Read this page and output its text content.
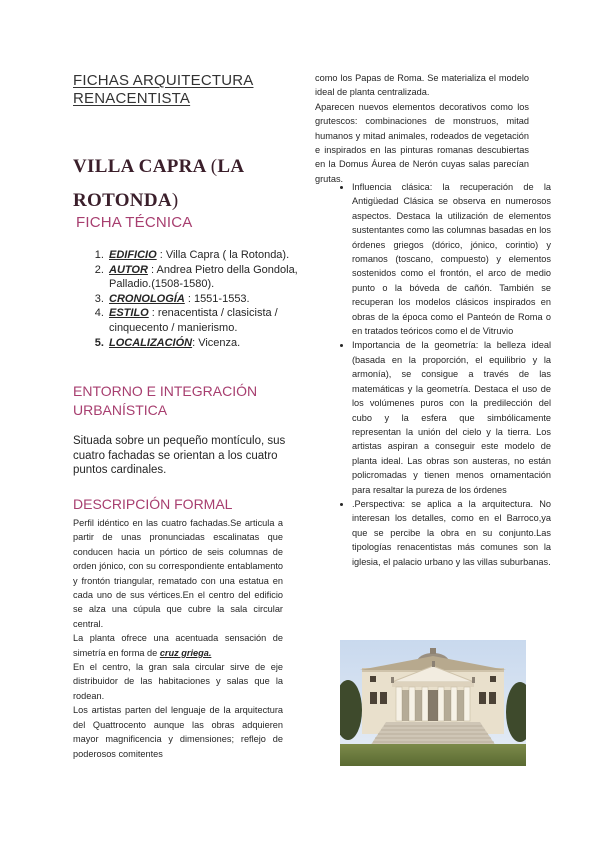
FICHAS ARQUITECTURA
RENACENTISTA
VILLA CAPRA (LA
ROTONDA)
FICHA TÉCNICA
1. EDIFICIO : Villa Capra ( la Rotonda).
2. AUTOR : Andrea Pietro della Gondola, Palladio.(1508-1580).
3. CRONOLOGÍA : 1551-1553.
4. ESTILO : renacentista / clasicista / cinquecento / manierismo.
5. LOCALIZACIÓN: Vicenza.
ENTORNO E INTEGRACIÓN
URBANÍSTICA
Situada sobre un pequeño montículo, sus cuatro fachadas se orientan a los cuatro puntos cardinales.
DESCRIPCIÓN FORMAL

Perfil idéntico en las cuatro fachadas.Se articula a partir de unas pronunciadas escalinatas que conducen hacia un pórtico de seis columnas de orden jónico, con su correspondiente entablamento y frontón triangular, rematado con una estatua en cada uno de sus vértices.En el centro del edificio se alza una cúpula que cubre la sala circular central.

La planta ofrece una acentuada sensación de simetría en forma de cruz griega.

En el centro, la gran sala circular sirve de eje distribuidor de las habitaciones y salas que la rodean.

Los artistas parten del lenguaje de la arquitectura del Quattrocento aunque las obras adquieren mayor magnificencia y dimensiones; reflejo de poderosos comitentes

como los Papas de Roma. Se materializa el modelo ideal de planta centralizada.

Aparecen nuevos elementos decorativos como los grutescos: combinaciones de monstruos, mitad humanos y mitad animales, rodeados de vegetación e inspirados en las pinturas romanas descubiertas en la Domus Áurea de Nerón cuyas salas parecían grutas.

• Influencia clásica: la recuperación de la Antigüedad Clásica se observa en numerosos aspectos. Destaca la utilización de elementos sustentantes como las columnas basadas en los órdenes griegos (dórico, jónico, corintio) y romanos (toscano, compuesto) y elementos sostenidos como el frontón, el arco de medio punto o la bóveda de cañón. También se recuperan los modelos clásicos inspirados en obras de la época como el Panteón de Roma o en tratados teóricos como el de Vitruvio
• Importancia de la geometría: la belleza ideal (basada en la proporción, el equilibrio y la armonía), se consigue a través de las matemáticas y la geometría. Destaca el uso de los volúmenes puros con la predilección del cubo y la esfera que simbólicamente representan la unión del cielo y la tierra. Los artistas aspiran a conseguir este modelo de planta ideal. Las obras son austeras, no están policromadas y tienen menos ornamentación para resaltar la pureza de los órdenes
• .Perspectiva: se aplica a la arquitectura. No interesan los detalles, como en el Barroco,ya que se percibe la obra en su conjunto.Las tipologías renacentistas más comunes son la iglesia, el palacio urbano y las villas suburbanas.
